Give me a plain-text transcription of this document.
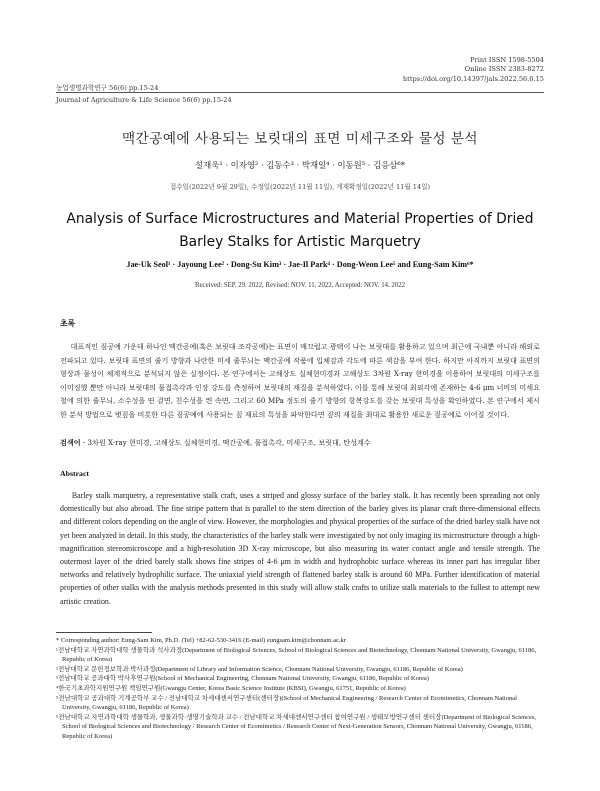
Print ISSN 1598-5504
Online ISSN 2383-8272
https://doi.org/10.14397/jals.2022.56.6.15
농업생명과학연구 56(6) pp.15-24
Journal of Agriculture & Life Science 56(6) pp.15-24
맥간공예에 사용되는 보릿대의 표면 미세구조와 물성 분석
설재욱¹ · 이자영² · 김동수³ · 박재일⁴ · 이동원⁵ · 김응삼⁶*
접수일(2022년 9월 29일), 수정일(2022년 11월 11일), 게재확정일(2022년 11월 14일)
Analysis of Surface Microstructures and Material Properties of Dried
Barley Stalks for Artistic Marquetry
Jae-Uk Seol¹ · Jayoung Lee² · Dong-Su Kim³ · Jae-Il Park⁴ · Dong-Weon Lee⁵ and Eung-Sam Kim⁶*
Received: SEP. 29. 2022, Revised: NOV. 11. 2022, Accepted: NOV. 14. 2022
초록
대표적인 짚공예 가운데 하나인 맥간공예(혹은 보릿대 조각공예)는 표면이 매끄럽고 광택이 나는 보릿대를 활용하고 있으며 최근에 국내뿐 아니라 해외로 전파되고 있다. 보릿대 표면의 줄기 방향과 나란한 미세 줄무늬는 맥간공예 작품에 입체감과 각도에 따른 색감을 부여 한다. 하지만 아직까지 보릿대 표면의 형상과 물성이 체계적으로 분석되지 않은 실정이다. 본 연구에서는 고해상도 실체현미경과 고해상도 3차원 X-ray 현미경을 이용하여 보릿대의 미세구조를 이미징했 뿐만 아니라 보릿대의 물접촉각과 인장 강도를 측정하여 보릿대의 재질을 분석하였다. 이를 통해 보릿대 최외각에 존재하는 4-6 μm 너비의 미세요철에 의한 줄무늬, 소수성을 띤 겉면, 친수성을 띈 속면, 그리고 60 MPa 정도의 줄기 방향의 항복강도를 갖는 보릿대 특성을 확인하였다. 본 연구에서 제시한 분석 방법으로 볏짚을 비롯한 다른 짚공예에 사용되는 짚 재료의 특성을 파악한다면 짚의 재질을 최대로 활용한 새로운 짚공예로 이어질 것이다.
검색어 - 3차원 X-ray 현미경, 고해상도 실체현미경, 맥간공예, 물접촉각, 미세구조, 보릿대, 탄성계수
Abstract
Barley stalk marquetry, a representative stalk craft, uses a striped and glossy surface of the barley stalk. It has recently been spreading not only domestically but also abroad. The fine stripe pattern that is parallel to the stem direction of the barley gives its planar craft three-dimensional effects and different colors depending on the angle of view. However, the morphologies and physical properties of the surface of the dried barley stalk have not yet been analyzed in detail. In this study, the characteristics of the barley stalk were investigated by not only imaging its microstructure through a high-magnification stereomicroscope and a high-resolution 3D X-ray microscope, but also measuring its water contact angle and tensile strength. The outermost layer of the dried barely stalk shows fine stripes of 4-6 μm in width and hydrophobic surface whereas its inner part has irregular fiber networks and relatively hydrophilic surface. The uniaxial yield strength of flattened barley stalk is around 60 MPa. Further identification of material properties of other stalks with the analysis methods presented in this study will allow stalk crafts to utilize stalk materials to the fullest to attempt new artistic creation.

* Corresponding author: Eung-Sam Kim, Ph.D. (Tel) +82-62-530-3416 (E-mail) eungsam.kim@chonnam.ac.kr

¹전남대학교 자연과학대학 생물학과 석사과정(Department of Biological Sciences, School of Biological Sciences and Biotechnology, Chonnam National University, Gwangju, 61186, Republic of Korea)

²전남대학교 문헌정보학과 박사과정(Department of Library and Information Science, Chonnam National University, Gwangju, 61186, Republic of Korea)

³전남대학교 공과대학 박사후연구원(School of Mechanical Engineering, Chonnam National University, Gwangju, 61186, Republic of Korea)

⁴한국기초과학지원연구원 책임연구원(Gwangju Center, Korea Basic Science Institute (KBSI), Gwangju, 61751, Republic of Korea)

⁵전남대학교 공과대학 기계공학부 교수 / 전남대학교 차세대센서연구센터(센터장)(School of Mechanical Engineering / Research Center of Ecomimetics, Chonnam National University, Gwangju, 61186, Republic of Korea)

⁶전남대학교 자연과학대학 생물학과, 생물과학·생명기술학과 교수 / 전남대학교 차세대센서연구센터 참여연구원 / 생태모방연구센터 센터장(Department of Biological Sciences, School of Biological Sciences and Biotechnology / Research Center of Ecomimetics / Research Center of Next-Generation Sensors, Chonnam National University, Gwangju, 61186, Republic of Korea)
